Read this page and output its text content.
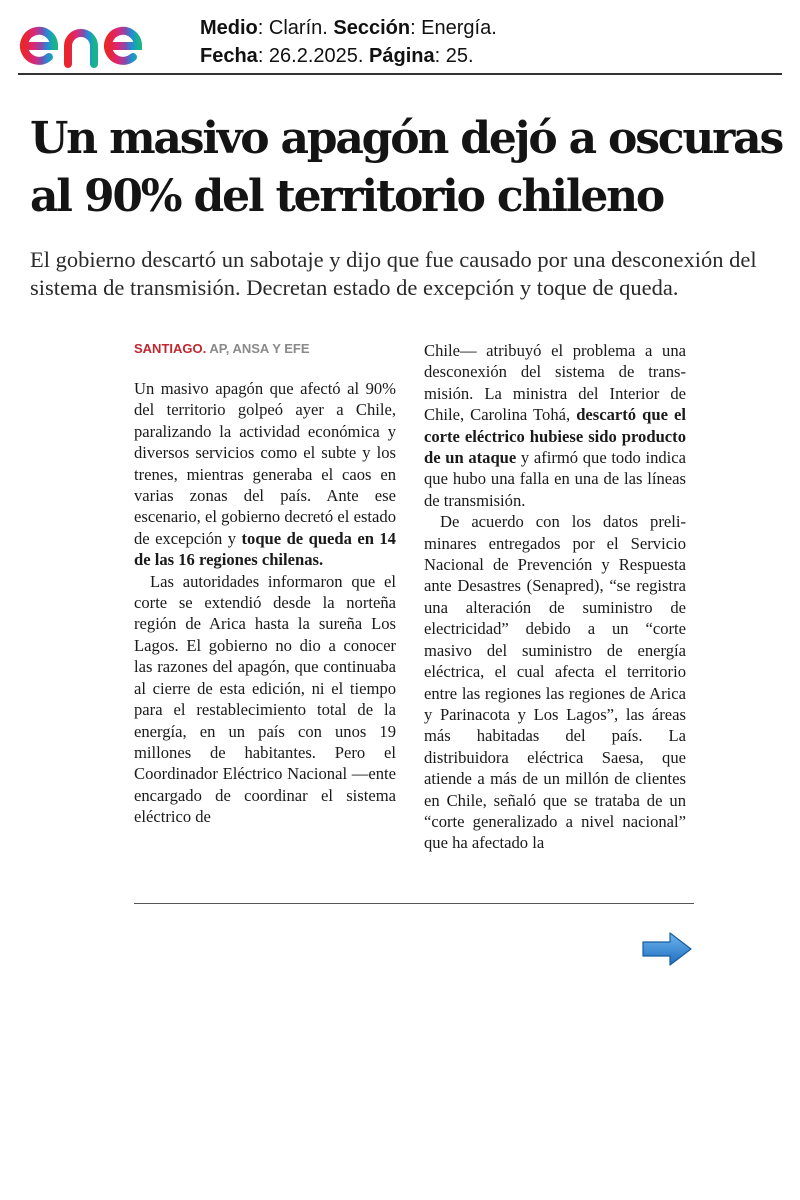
Medio: Clarín. Sección: Energía.
Fecha: 26.2.2025. Página: 25.
Un masivo apagón dejó a oscuras al 90% del territorio chileno

El gobierno descartó un sabotaje y dijo que fue causado por una desconexión del sistema de transmisión. Decretan estado de excepción y toque de queda.

SANTIAGO. AP, ANSA Y EFE

Un masivo apagón que afectó al 90% del territorio golpeó ayer a Chile, paralizando la actividad económica y diversos servicios como el subte y los trenes, mientras generaba el caos en varias zonas del país. Ante ese escenario, el gobierno decretó el estado de excepción y toque de queda en 14 de las 16 regiones chilenas.

Las autoridades informaron que el corte se extendió desde la norteña región de Arica hasta la sureña Los Lagos. El gobierno no dio a conocer las razones del apagón, que continuaba al cierre de esta edición, ni el tiempo para el restablecimiento total de la energía, en un país con unos 19 millones de habitantes. Pero el Coordinador Eléctrico Nacional —ente encargado de coordinar el sistema eléctrico de

Chile— atribuyó el problema a una desconexión del sistema de transmisión. La ministra del Interior de Chile, Carolina Tohá, descartó que el corte eléctrico hubiese sido producto de un ataque y afirmó que todo indica que hubo una falla en una de las líneas de transmisión.

De acuerdo con los datos preliminares entregados por el Servicio Nacional de Prevención y Respuesta ante Desastres (Senapred), “se registra una alteración de suministro de electricidad” debido a un “corte masivo del suministro de energía eléctrica, el cual afecta el territorio entre las regiones las regiones de Arica y Parinacota y Los Lagos”, las áreas más habitadas del país. La distribuidora eléctrica Saesa, que atiende a más de un millón de clientes en Chile, señaló que se trataba de un “corte generalizado a nivel nacional” que ha afectado la
